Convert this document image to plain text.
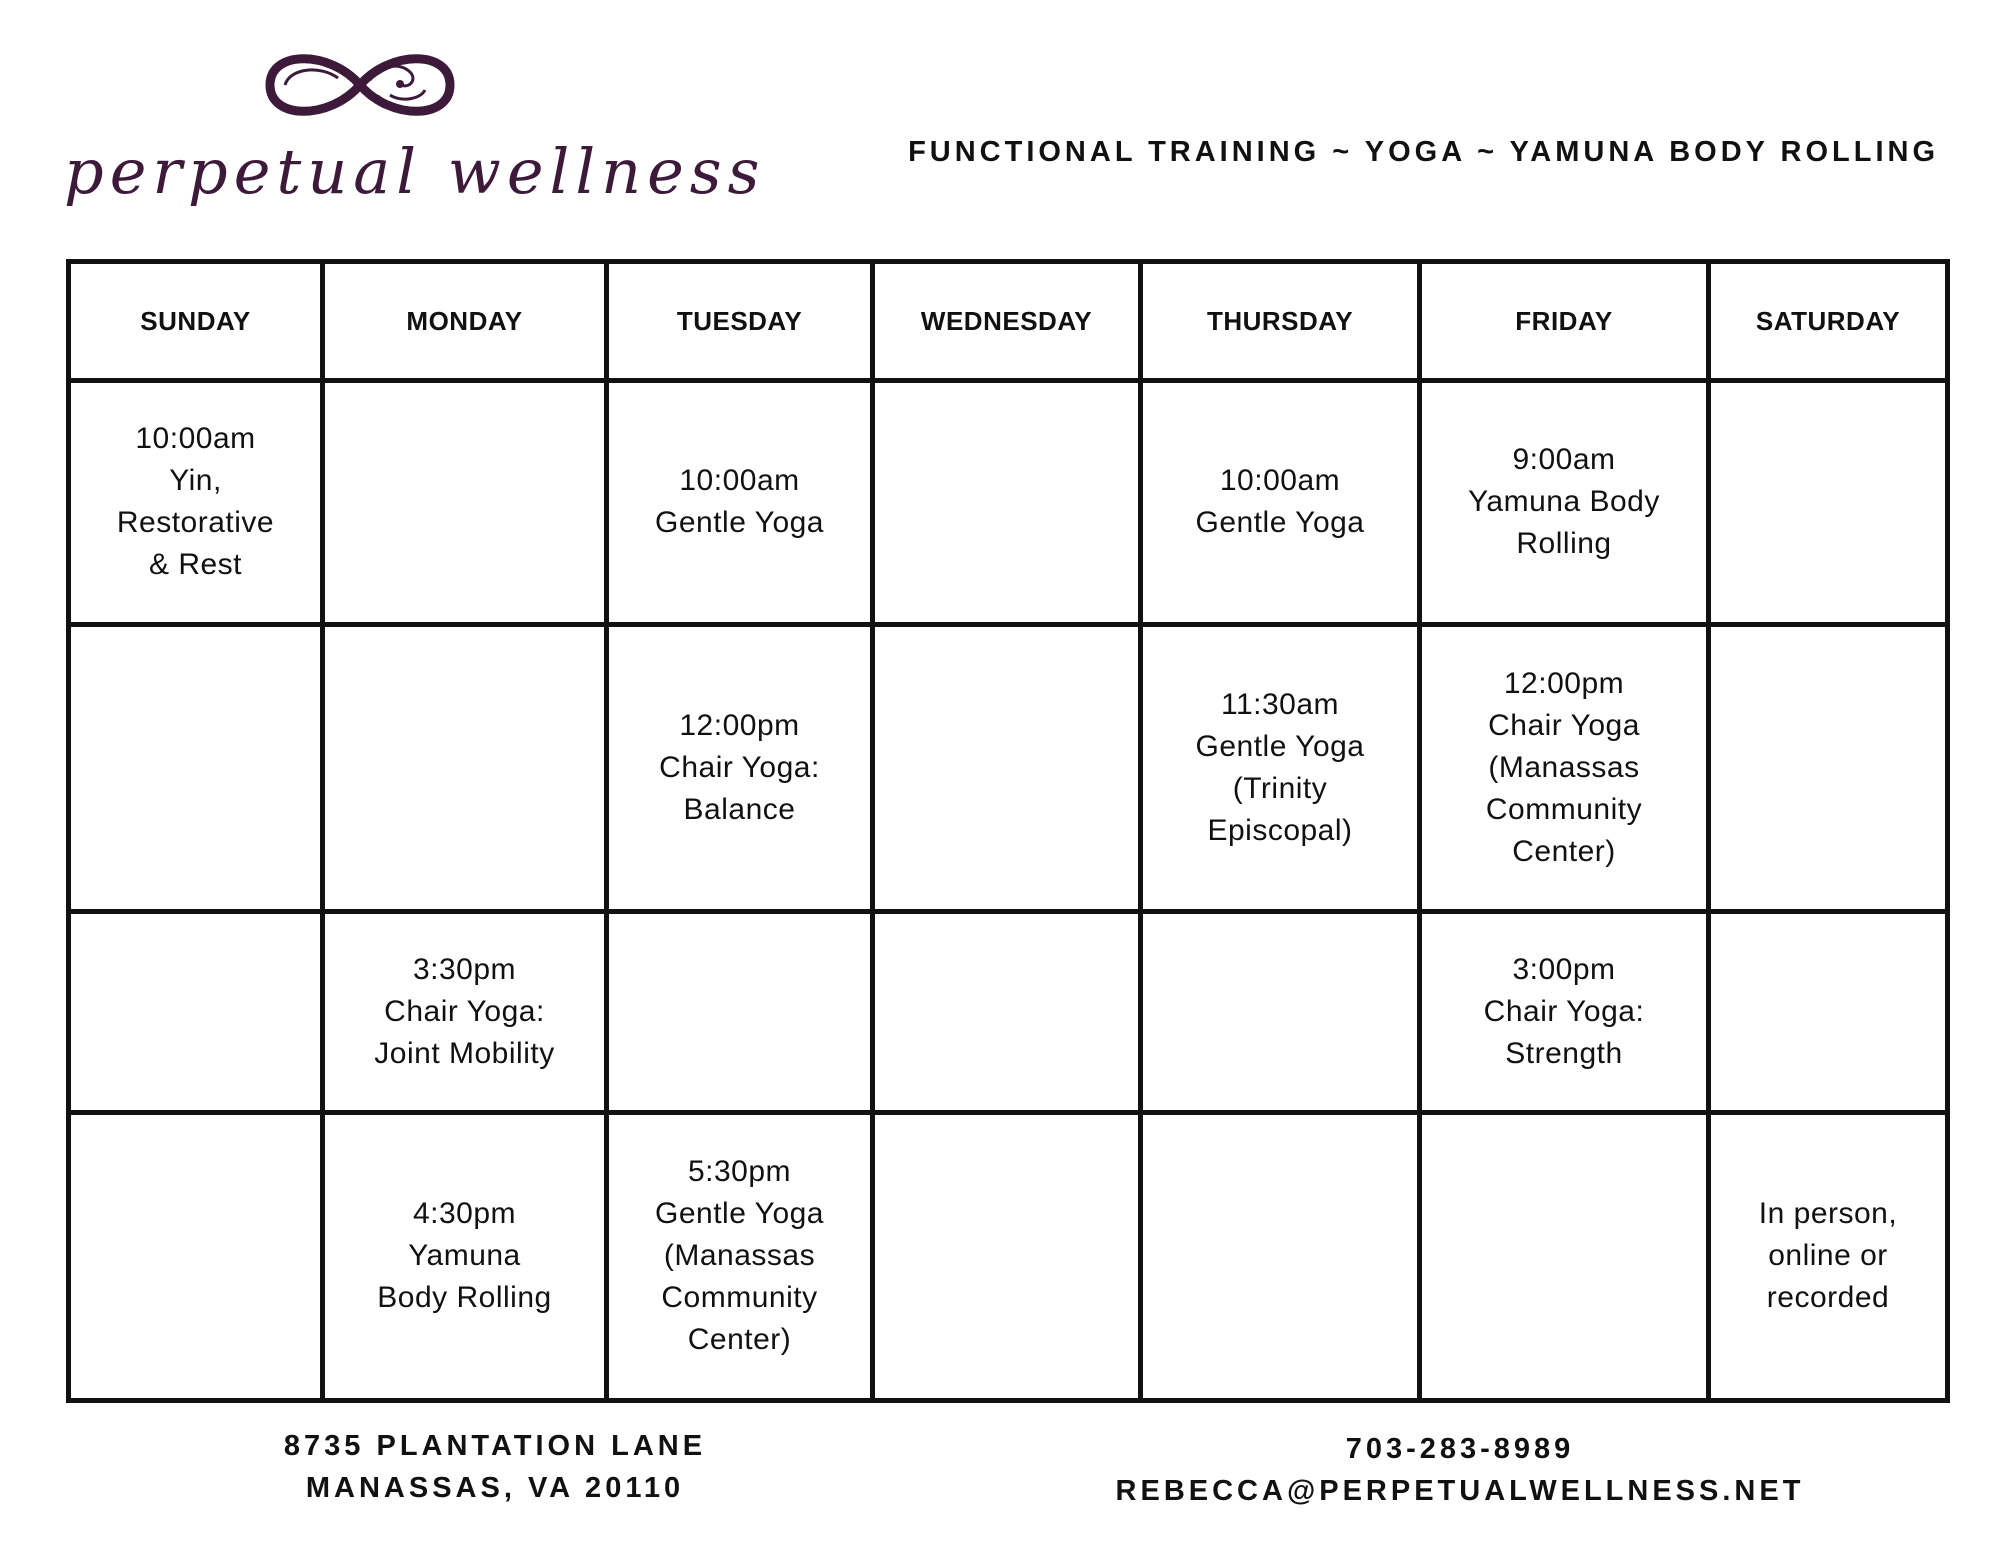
perpetual wellness	FUNCTIONAL TRAINING ~ YOGA ~ YAMUNA BODY ROLLING
SUNDAY	MONDAY	TUESDAY	WEDNESDAY	THURSDAY	FRIDAY	SATURDAY

10:00am
Yin,
Restorative
& Rest		10:00am
Gentle Yoga		10:00am
Gentle Yoga	9:00am
Yamuna Body
Rolling	

		12:00pm
Chair Yoga:
Balance		11:30am
Gentle Yoga
(Trinity
Episcopal)	12:00pm
Chair Yoga
(Manassas
Community
Center)	

	3:30pm
Chair Yoga:
Joint Mobility				3:00pm
Chair Yoga:
Strength	

	4:30pm
Yamuna
Body Rolling	5:30pm
Gentle Yoga
(Manassas
Community
Center)				In person,
online or
recorded
8735 PLANTATION LANE
MANASSAS, VA 20110
703-283-8989
REBECCA@PERPETUALWELLNESS.NET
